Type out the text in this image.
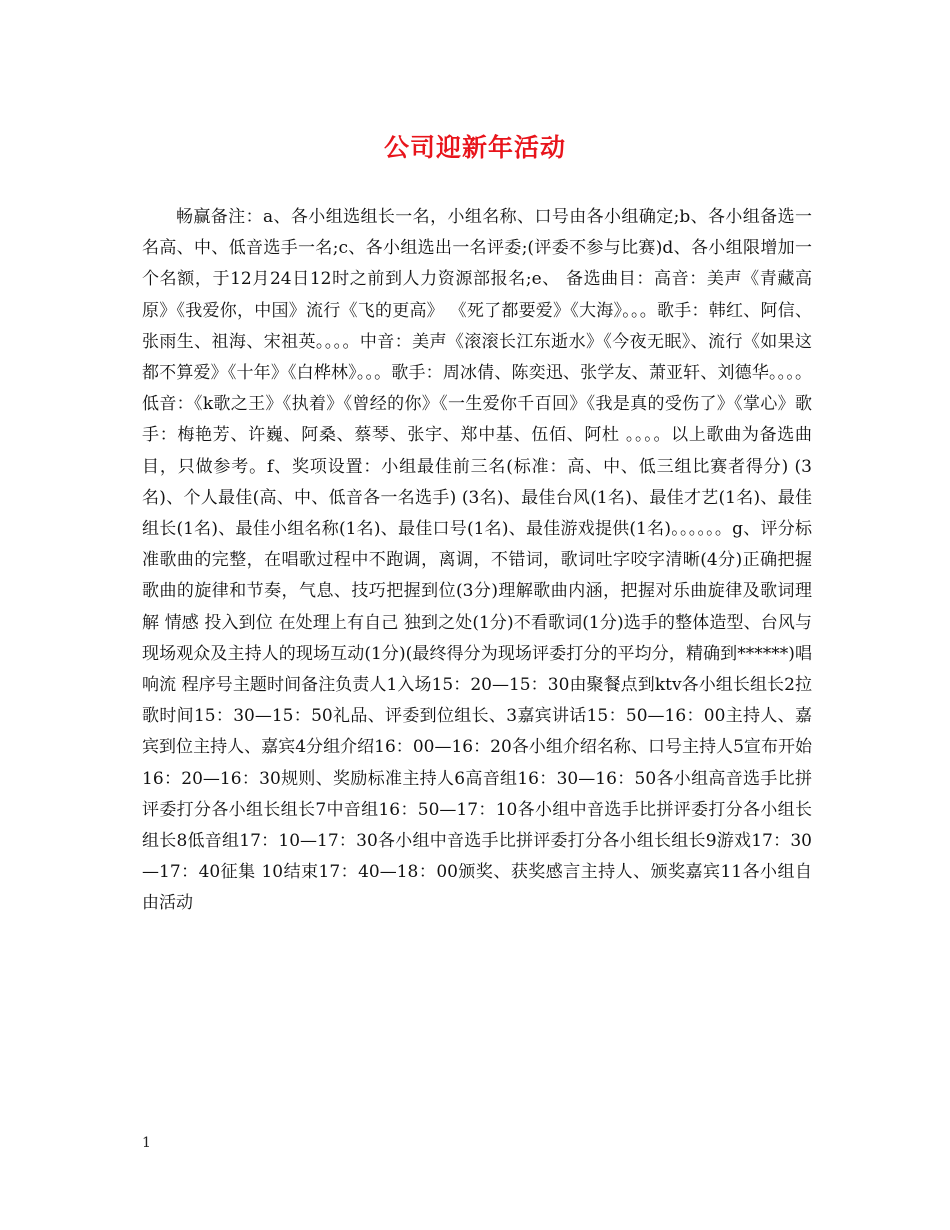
公司迎新年活动

畅赢备注：a、各小组选组长一名，小组名称、口号由各小组确定;b、各小组备选一名高、中、低音选手一名;c、各小组选出一名评委;(评委不参与比赛)d、各小组限增加一个名额，于12月24日12时之前到人力资源部报名;e、 备选曲目：高音：美声《青藏高原》《我爱你，中国》流行《飞的更高》 《死了都要爱》《大海》。。。歌手：韩红、阿信、张雨生、祖海、宋祖英。。。。中音：美声《滚滚长江东逝水》《今夜无眠》、流行《如果这都不算爱》《十年》《白桦林》。。。歌手：周冰倩、陈奕迅、张学友、萧亚轩、刘德华。。。。低音：《k歌之王》《执着》《曾经的你》《一生爱你千百回》《我是真的受伤了》《掌心》歌手：梅艳芳、许巍、阿桑、蔡琴、张宇、郑中基、伍佰、阿杜 。。。。以上歌曲为备选曲目，只做参考。f、奖项设置：小组最佳前三名(标准：高、中、低三组比赛者得分) (3名)、个人最佳(高、中、低音各一名选手) (3名)、最佳台风(1名)、最佳才艺(1名)、最佳组长(1名)、最佳小组名称(1名)、最佳口号(1名)、最佳游戏提供(1名)。。。。。。g、评分标准歌曲的完整，在唱歌过程中不跑调，离调，不错词，歌词吐字咬字清晰(4分)正确把握歌曲的旋律和节奏，气息、技巧把握到位(3分)理解歌曲内涵，把握对乐曲旋律及歌词理解 情感 投入到位 在处理上有自己 独到之处(1分)不看歌词(1分)选手的整体造型、台风与现场观众及主持人的现场互动(1分)(最终得分为现场评委打分的平均分，精确到******)唱 响流 程序号主题时间备注负责人1入场15：20—15：30由聚餐点到ktv各小组长组长2拉歌时间15：30—15：50礼品、评委到位组长、3嘉宾讲话15：50—16：00主持人、嘉宾到位主持人、嘉宾4分组介绍16：00—16：20各小组介绍名称、口号主持人5宣布开始16：20—16：30规则、奖励标准主持人6高音组16：30—16：50各小组高音选手比拼评委打分各小组长组长7中音组16：50—17：10各小组中音选手比拼评委打分各小组长组长8低音组17：10—17：30各小组中音选手比拼评委打分各小组长组长9游戏17：30—17：40征集 10结束17：40—18：00颁奖、获奖感言主持人、颁奖嘉宾11各小组自由活动

1
